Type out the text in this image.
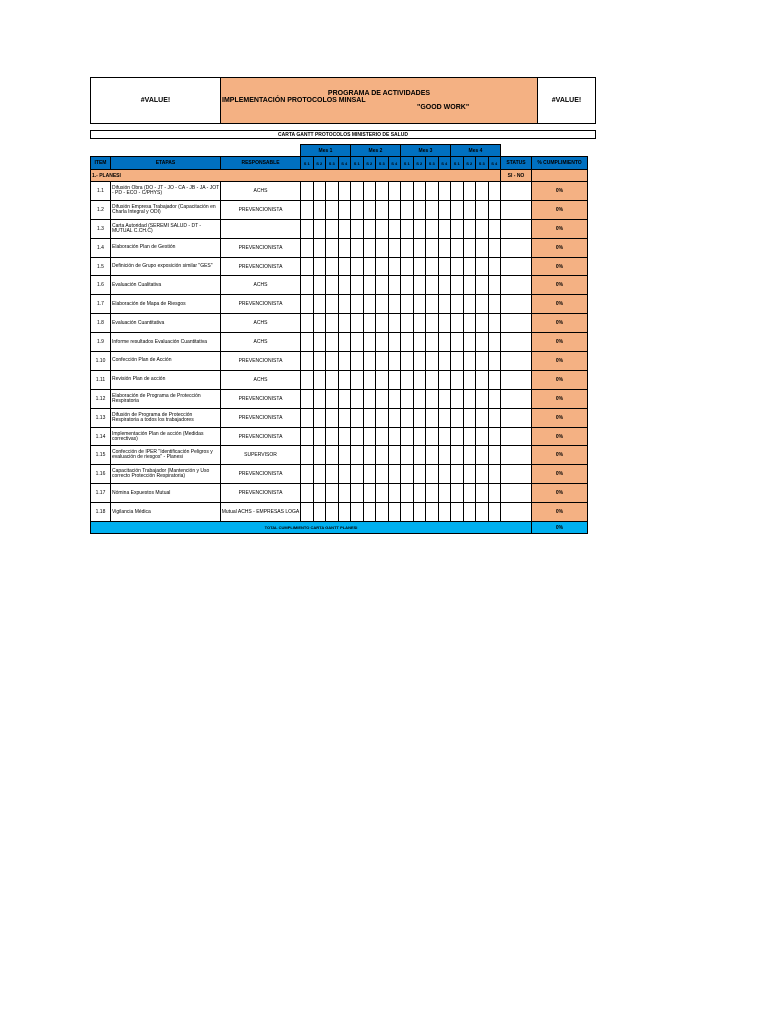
#VALUE!
PROGRAMA DE ACTIVIDADES
IMPLEMENTACIÓN PROTOCOLOS MINSAL
"GOOD WORK"
#VALUE!
CARTA GANTT PROTOCOLOS MINISTERIO DE SALUD
			Mes 1				Mes 2				Mes 3				Mes 4					
ITEM	ETAPAS	RESPONSABLE	S 1	S 2	S 3	S 4	S 1	S 2	S 3	S 4	S 1	S 2	S 3	S 4	S 1	S 2	S 3	S 4	STATUS	% CUMPLIMIENTO
1.- PLANESI																			SI - NO	
1.1	Difusión Obra (DO - JT - JO - CA - JB - JA - JOT - PD - ECO - C/PHYS)	ACHS																		0%
1.2	Difusión Empresa Trabajador (Capacitación en Charla Integral y ODI)	PREVENCIONISTA																		0%
1.3	Carta Autoridad (SEREMI SALUD - DT - MUTUAL C.CH.C)																			0%
1.4	Elaboración Plan de Gestión	PREVENCIONISTA																		0%
1.5	Definición de Grupo exposición similar "GES"	PREVENCIONISTA																		0%
1.6	Evaluación Cualitativa	ACHS																		0%
1.7	Elaboración de Mapa de Riesgos	PREVENCIONISTA																		0%
1.8	Evaluación Cuantitativa	ACHS																		0%
1.9	Informe resultados Evaluación Cuantitativa	ACHS																		0%
1.10	Confección Plan de Acción	PREVENCIONISTA																		0%
1.11	Revisión Plan de acción	ACHS																		0%
1.12	Elaboración de Programa de Protección Respiratoria	PREVENCIONISTA																		0%
1.13	Difusión de Programa de Protección Respiratoria a todos los trabajadores	PREVENCIONISTA																		0%
1.14	Implementación Plan de acción (Medidas correctivas)	PREVENCIONISTA																		0%
1.15	Confección de IPER "Identificación Peligros y evaluación de riesgos" - Planesi	SUPERVISOR																		0%
1.16	Capacitación Trabajador (Mantención y Uso correcto Protección Respiratoria)	PREVENCIONISTA																		0%
1.17	Nómina Expuestos Mutual	PREVENCIONISTA																		0%
1.18	Vigilancia Médica	Mutual ACHS - EMPRESAS LOGA																		0%
TOTAL CUMPLIMIENTO CARTA GANTT PLANESI																				0%
